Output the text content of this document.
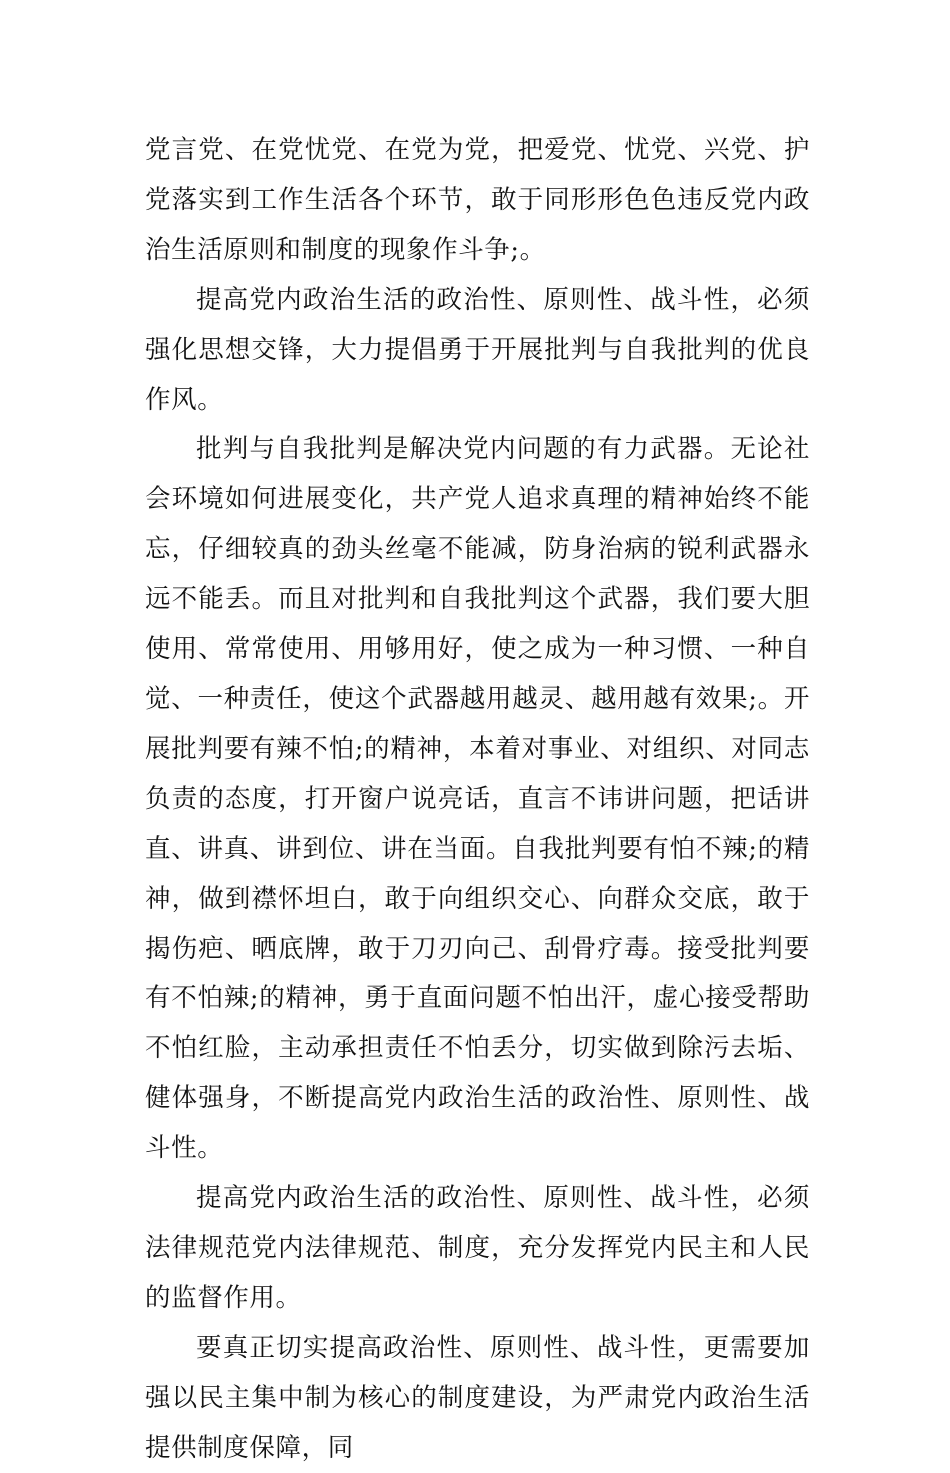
党言党、在党忧党、在党为党，把爱党、忧党、兴党、护党落实到工作生活各个环节，敢于同形形色色违反党内政治生活原则和制度的现象作斗争;。

提高党内政治生活的政治性、原则性、战斗性，必须强化思想交锋，大力提倡勇于开展批判与自我批判的优良作风。

批判与自我批判是解决党内问题的有力武器。无论社会环境如何进展变化，共产党人追求真理的精神始终不能忘，仔细较真的劲头丝毫不能减，防身治病的锐利武器永远不能丢。而且对批判和自我批判这个武器，我们要大胆使用、常常使用、用够用好，使之成为一种习惯、一种自觉、一种责任，使这个武器越用越灵、越用越有效果;。开展批判要有辣不怕;的精神，本着对事业、对组织、对同志负责的态度，打开窗户说亮话，直言不讳讲问题，把话讲直、讲真、讲到位、讲在当面。自我批判要有怕不辣;的精神，做到襟怀坦白，敢于向组织交心、向群众交底，敢于揭伤疤、晒底牌，敢于刀刃向己、刮骨疗毒。接受批判要有不怕辣;的精神，勇于直面问题不怕出汗，虚心接受帮助不怕红脸，主动承担责任不怕丢分，切实做到除污去垢、健体强身，不断提高党内政治生活的政治性、原则性、战斗性。

提高党内政治生活的政治性、原则性、战斗性，必须法律规范党内法律规范、制度，充分发挥党内民主和人民的监督作用。

要真正切实提高政治性、原则性、战斗性，更需要加强以民主集中制为核心的制度建设，为严肃党内政治生活提供制度保障，同
